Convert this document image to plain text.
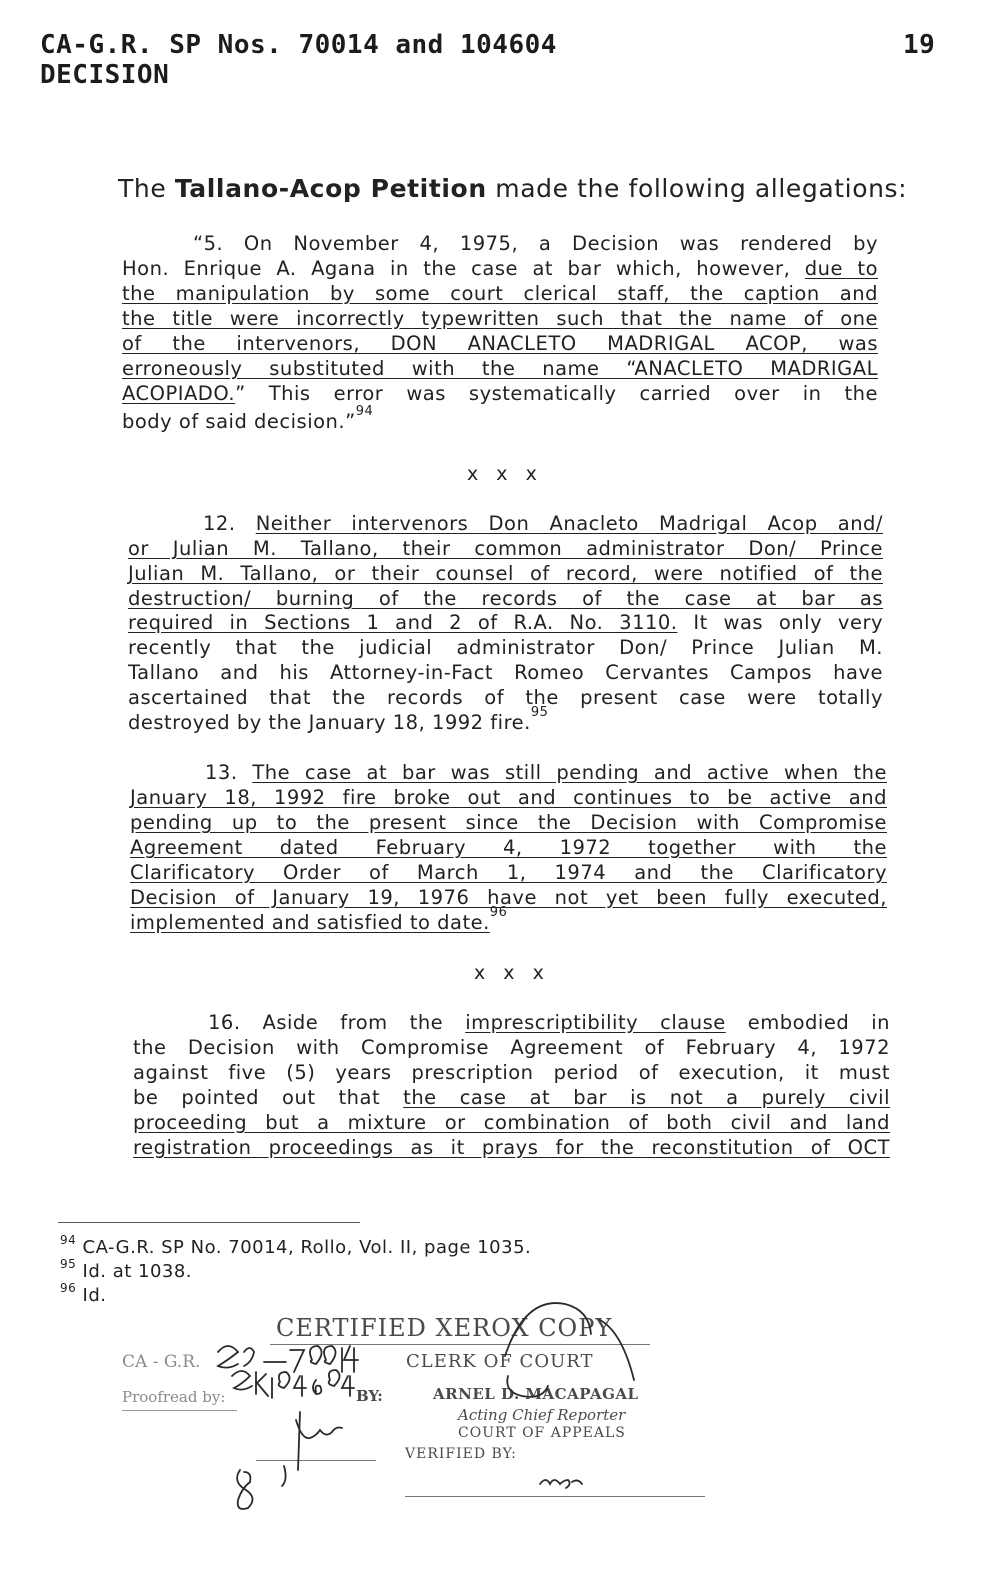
CA-G.R. SP Nos. 70014 and 104604
DECISION
19
The Tallano-Acop Petition made the following allegations:
“5. On November 4, 1975, a Decision was rendered by
Hon. Enrique A. Agana in the case at bar which, however, due to
the manipulation by some court clerical staff, the caption and
the title were incorrectly typewritten such that the name of one
of the intervenors, DON ANACLETO MADRIGAL ACOP, was
erroneously substituted with the name “ANACLETO MADRIGAL
ACOPIADO.” This error was systematically carried over in the
body of said decision.”$^{94}$
x x x
12. Neither intervenors Don Anacleto Madrigal Acop and/
or Julian M. Tallano, their common administrator Don/ Prince
Julian M. Tallano, or their counsel of record, were notified of the
destruction/ burning of the records of the case at bar as
required in Sections 1 and 2 of R.A. No. 3110. It was only very
recently that the judicial administrator Don/ Prince Julian M.
Tallano and his Attorney-in-Fact Romeo Cervantes Campos have
ascertained that the records of the present case were totally
destroyed by the January 18, 1992 fire.$^{95}$
13. The case at bar was still pending and active when the
January 18, 1992 fire broke out and continues to be active and
pending up to the present since the Decision with Compromise
Agreement dated February 4, 1972 together with the
Clarificatory Order of March 1, 1974 and the Clarificatory
Decision of January 19, 1976 have not yet been fully executed,
implemented and satisfied to date.$^{96}$
x x x
16. Aside from the imprescriptibility clause embodied in
the Decision with Compromise Agreement of February 4, 1972
against five (5) years prescription period of execution, it must
be pointed out that the case at bar is not a purely civil
proceeding but a mixture or combination of both civil and land
registration proceedings as it prays for the reconstitution of OCT
$^{94}$ CA-G.R. SP No. 70014, Rollo, Vol. II, page 1035.
$^{95}$ Id. at 1038.
$^{96}$ Id.
CERTIFIED XEROX COPY
CA - G.R.	CLERK OF COURT
Proofread by:	BY:	ARNEL D. MACAPAGAL
Acting Chief Reporter
COURT OF APPEALS
VERIFIED BY:
